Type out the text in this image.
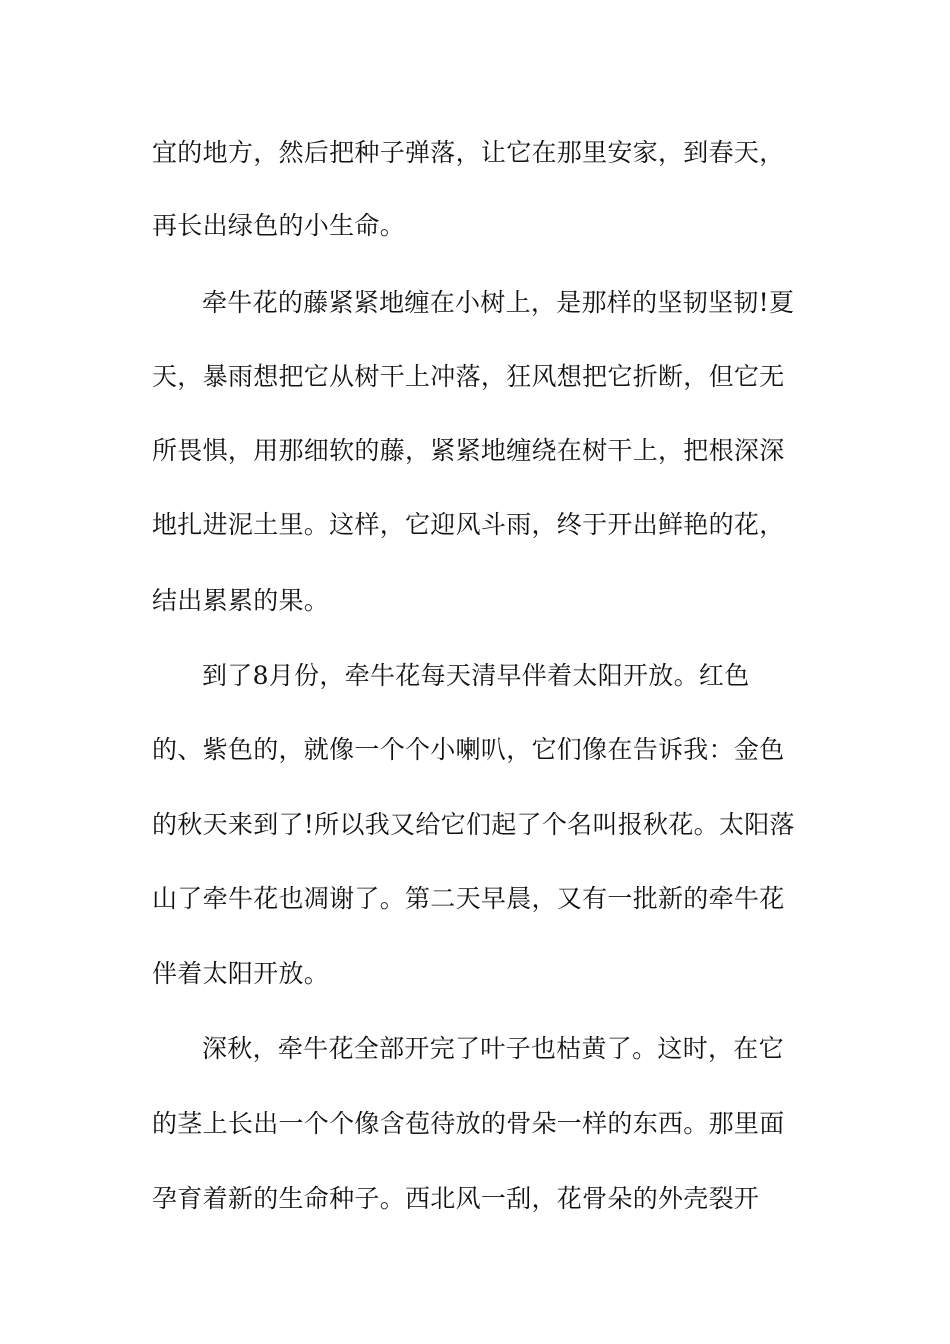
宜的地方，然后把种子弹落，让它在那里安家，到春天，
再长出绿色的小生命。
牵牛花的藤紧紧地缠在小树上，是那样的坚韧坚韧!夏
天，暴雨想把它从树干上冲落，狂风想把它折断，但它无
所畏惧，用那细软的藤，紧紧地缠绕在树干上，把根深深
地扎进泥土里。这样，它迎风斗雨，终于开出鲜艳的花，
结出累累的果。
到了8月份，牵牛花每天清早伴着太阳开放。红色
的、紫色的，就像一个个小喇叭，它们像在告诉我：金色
的秋天来到了!所以我又给它们起了个名叫报秋花。太阳落
山了牵牛花也凋谢了。第二天早晨，又有一批新的牵牛花
伴着太阳开放。
深秋，牵牛花全部开完了叶子也枯黄了。这时，在它
的茎上长出一个个像含苞待放的骨朵一样的东西。那里面
孕育着新的生命种子。西北风一刮，花骨朵的外壳裂开
